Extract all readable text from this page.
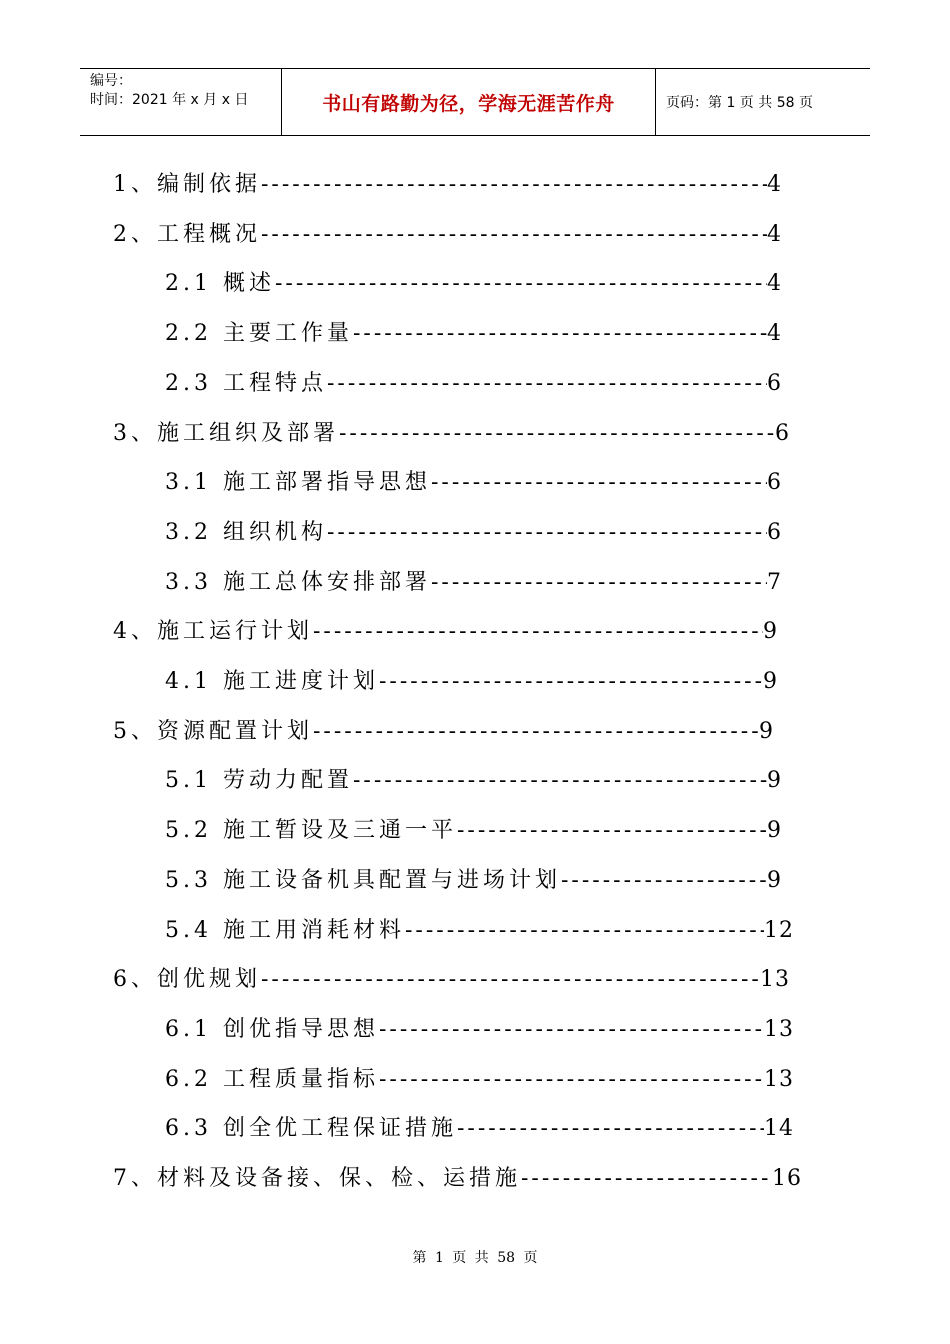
编号：
时间：2021 年 x 月 x 日	书山有路勤为径，学海无涯苦作舟	页码：第 1 页 共 58 页
1、编制依据 -----	4
2、工程概况 -----	4
2.1 概述 -----	4
2.2 主要工作量 -----	4
2.3 工程特点 -----	6
3、施工组织及部署 -----	6
3.1 施工部署指导思想 -----	6
3.2 组织机构 -----	6
3.3 施工总体安排部署 -----	7
4、施工运行计划 -----	9
4.1 施工进度计划 -----	9
5、资源配置计划 -----	9
5.1 劳动力配置 -----	9
5.2 施工暂设及三通一平 -----	9
5.3 施工设备机具配置与进场计划 -----	9
5.4 施工用消耗材料 -----	12
6、创优规划 -----	13
6.1 创优指导思想 -----	13
6.2 工程质量指标 -----	13
6.3 创全优工程保证措施 -----	14
7、材料及设备接、保、检、运措施 -----	16
第 1 页 共 58 页
